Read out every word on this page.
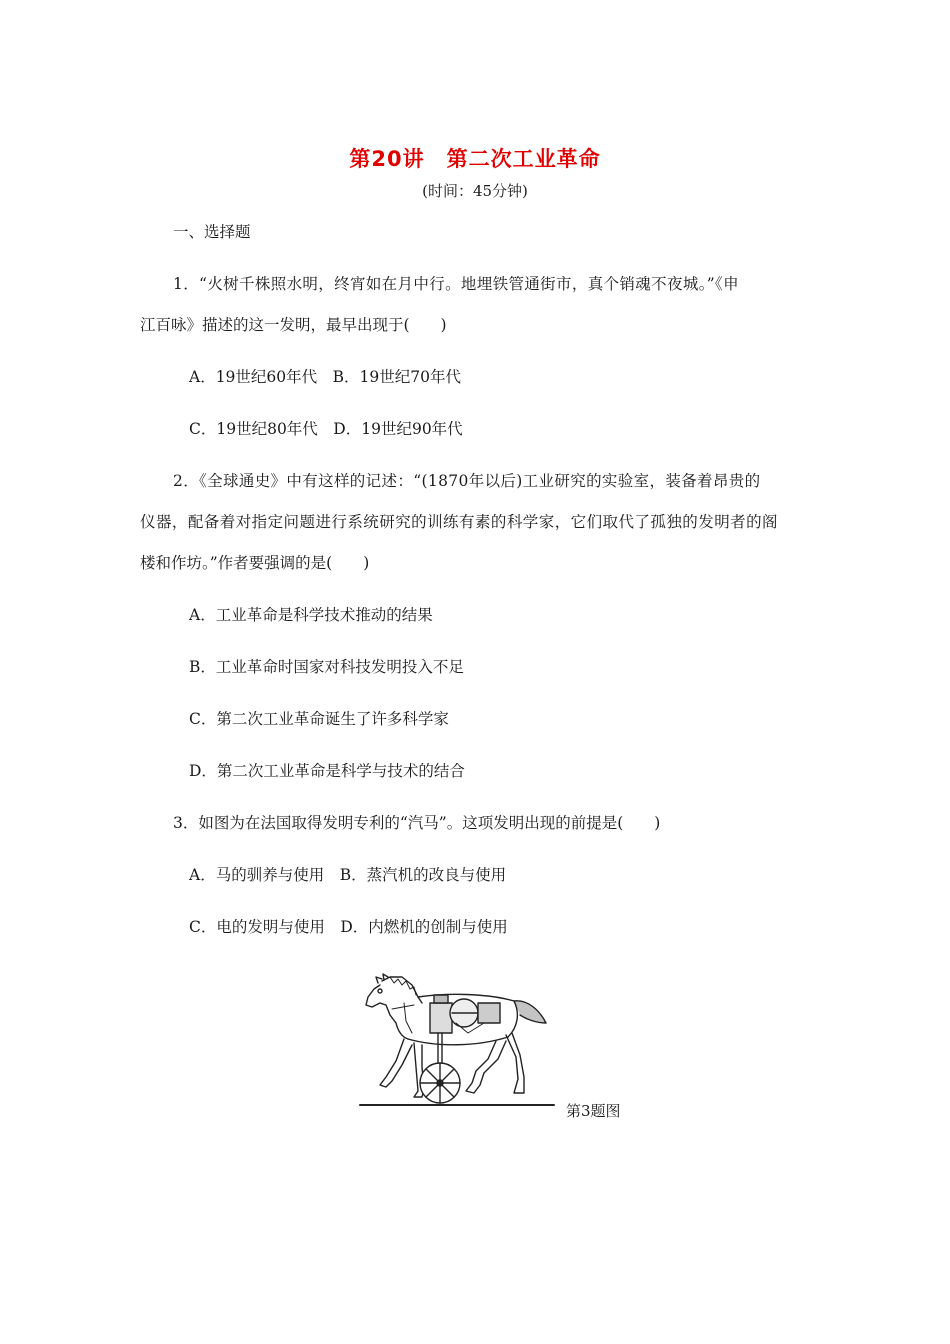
第20讲　第二次工业革命
(时间：45分钟)
一、选择题
1．“火树千株照水明，终宵如在月中行。地埋铁管通街市，真个销魂不夜城。”《申
江百咏》描述的这一发明，最早出现于(　　)
A．19世纪60年代　B．19世纪70年代
C．19世纪80年代　D．19世纪90年代
2．《全球通史》中有这样的记述：“(1870年以后)工业研究的实验室，装备着昂贵的
仪器，配备着对指定问题进行系统研究的训练有素的科学家，它们取代了孤独的发明者的阁
楼和作坊。”作者要强调的是(　　)
A．工业革命是科学技术推动的结果
B．工业革命时国家对科技发明投入不足
C．第二次工业革命诞生了许多科学家
D．第二次工业革命是科学与技术的结合
3．如图为在法国取得发明专利的“汽马”。这项发明出现的前提是(　　)
A．马的驯养与使用　B．蒸汽机的改良与使用
C．电的发明与使用　D．内燃机的创制与使用
第3题图
